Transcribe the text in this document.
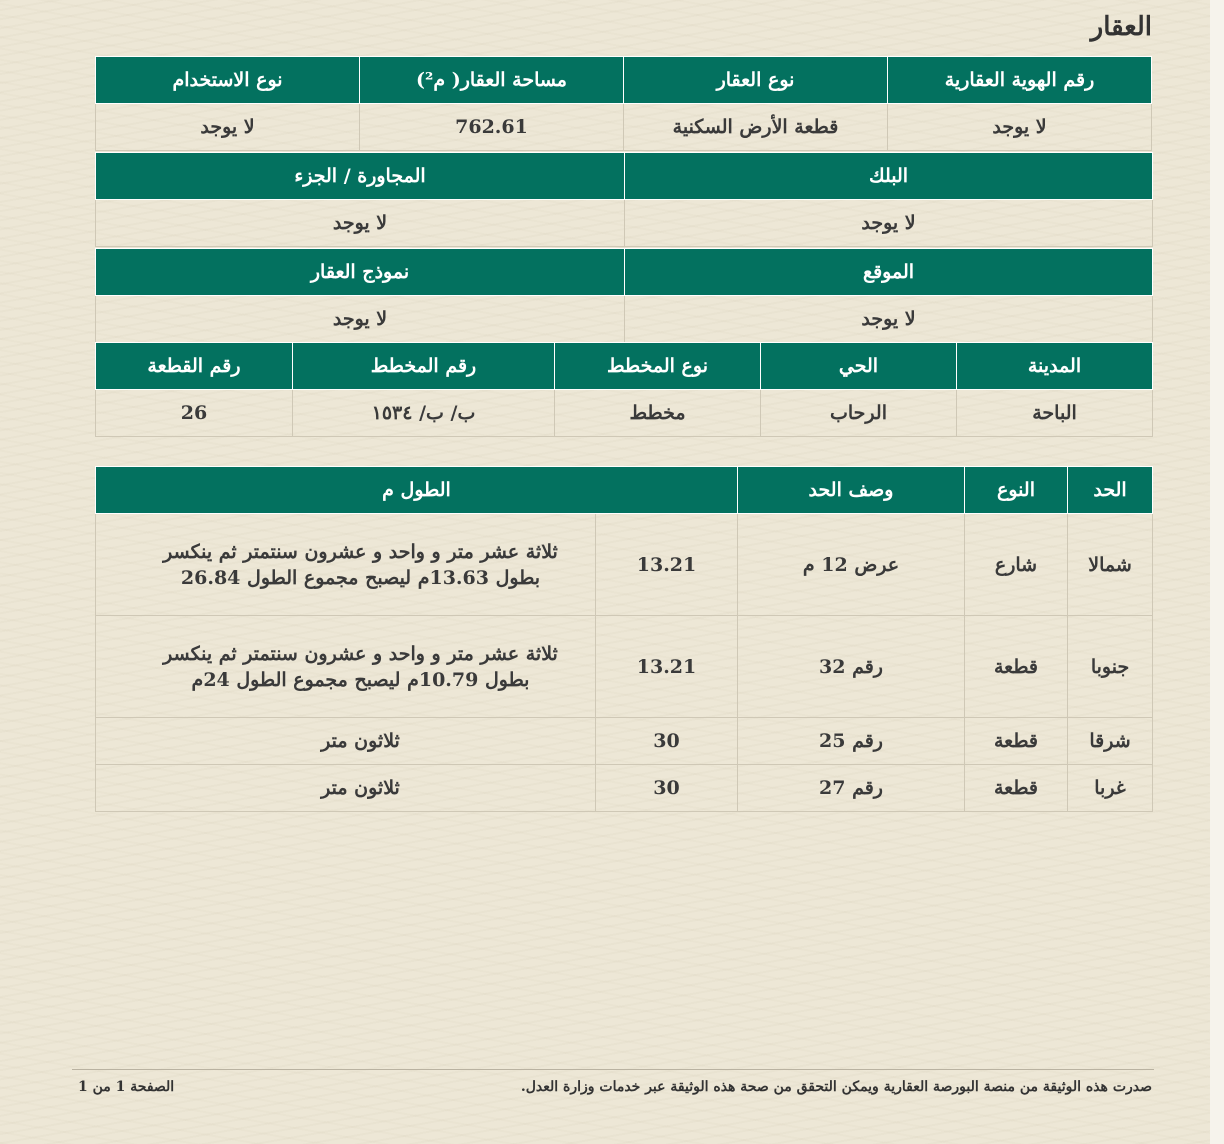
العقار
رقم الهوية العقارية	نوع العقار	مساحة العقار( م²)	نوع الاستخدام
لا يوجد	قطعة الأرض السكنية	762.61	لا يوجد
البلك	المجاورة / الجزء
لا يوجد	لا يوجد
الموقع	نموذج العقار
لا يوجد	لا يوجد
المدينة	الحي	نوع المخطط	رقم المخطط	رقم القطعة
الباحة	الرحاب	مخطط	ب/ ب/ ١٥٣٤	26
الحد	النوع	وصف الحد	الطول م	
شمالا	شارع	عرض 12 م	13.21	ثلاثة عشر متر و واحد و عشرون سنتمتر ثم ينكسر بطول 13.63م ليصبح مجموع الطول 26.84
جنوبا	قطعة	رقم 32	13.21	ثلاثة عشر متر و واحد و عشرون سنتمتر ثم ينكسر بطول 10.79م ليصبح مجموع الطول 24م
شرقا	قطعة	رقم 25	30	ثلاثون متر
غربا	قطعة	رقم 27	30	ثلاثون متر
صدرت هذه الوثيقة من منصة البورصة العقارية ويمكن التحقق من صحة هذه الوثيقة عبر خدمات وزارة العدل.
الصفحة 1 من 1
